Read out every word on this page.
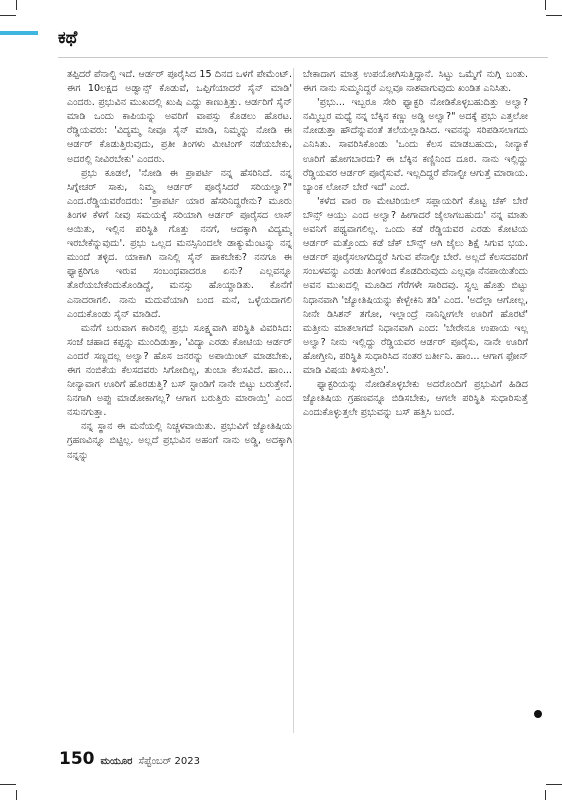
ಕಥೆ

ತಪ್ಪಿದರೆ ಪೆನಾಲ್ಟಿ ಇದೆ. ಆರ್ಡರ್ ಪೂರೈಸಿದ 15 ದಿನದ ಒಳಗೆ ಪೇಮೆಂಟ್. ಈಗ 10ಲಕ್ಷದ ಅಡ್ವಾನ್ಸ್ ಕೊಡುವೆ, ಒಪ್ಪಿಗೆಯಾದರೆ ಸೈನ್ ಮಾಡಿ' ಎಂದರು. ಪ್ರಭುವಿನ ಮುಖದಲ್ಲಿ ಖುಷಿ ಎದ್ದು ಕಾಣುತ್ತಿತ್ತು. ಆರ್ಡರಿಗೆ ಸೈನ್ ಮಾಡಿ ಒಂದು ಕಾಪಿಯನ್ನು ಅವರಿಗೆ ವಾಪಸ್ಸು ಕೊಡಲು ಹೊರಟ. ರೆಡ್ಡಿಯವರು: 'ವಿದ್ಯಮ್ಮ ನೀವೂ ಸೈನ್ ಮಾಡಿ, ನಿಮ್ಮನ್ನು ನೋಡಿ ಈ ಆರ್ಡರ್ ಕೊಡುತ್ತಿರುವುದು, ಪ್ರತೀ ತಿಂಗಳು ಮೀಟಿಂಗ್ ನಡೆಯಬೇಕು, ಅದರಲ್ಲಿ ನೀವಿರಬೇಕು' ಎಂದರು.

ಪ್ರಭು ಕೂಡಲೆ, 'ನೋಡಿ ಈ ಪ್ರಾಪರ್ಟಿ ನನ್ನ ಹೆಸರಿನಿದೆ. ನನ್ನ ಸಿಗ್ನೇಚರ್ ಸಾಕು, ನಿಮ್ಮ ಆರ್ಡರ್ ಪೂರೈಸಿದರೆ ಸರಿಯಲ್ವಾ?" ಎಂದ.ರೆಡ್ಡಿಯವರೆಂದರು: 'ಪ್ರಾಪರ್ಟಿ ಯಾರ ಹೆಸರಿನಿದ್ದರೇನು? ಮೂರು ತಿಂಗಳ ಕೆಳಗೆ ನೀವು ಸಮಯಕ್ಕೆ ಸರಿಯಾಗಿ ಆರ್ಡರ್ ಪೂರೈಸದ ಲಾಸ್ ಆಯಿತು, ಇಲ್ಲಿನ ಪರಿಸ್ಥಿತಿ ಗೊತ್ತು ನನಗೆ, ಆದಕ್ಕಾಗಿ ವಿದ್ಯಮ್ಮ ಇರಬೇಕೆನ್ನುವುದು'. ಪ್ರಭು ಒಲ್ಲದ ಮನಸ್ಸಿನಿಂದಲೇ ಡಾಕ್ಯುಮೆಂಟನ್ನು ನನ್ನ ಮುಂದೆ ತಳ್ಳಿದ. ಯಾಕಾಗಿ ನಾನಿಲ್ಲಿ ಸೈನ್ ಹಾಕಬೇಕು? ನನಗೂ ಈ ಫ್ಯಾಕ್ಟರಿಗೂ ಇರುವ ಸಂಬಂಧವಾದರೂ ಏನು? ಎಲ್ಲವನ್ನೂ ತೊರೆಯಬೇಕೆಂದುಕೊಂಡಿದ್ದೆ, ಮನಸ್ಸು ಹೊಯ್ದಾಡಿತು. ಕೊನೆಗೆ ಎನಾದರಾಗಲಿ. ನಾನು ಮದುವೆಯಾಗಿ ಬಂದ ಮನೆ, ಒಳ್ಳೆಯದಾಗಲಿ ಎಂದುಕೊಂಡು ಸೈನ್ ಮಾಡಿದೆ.

ಮನೆಗೆ ಬರುವಾಗ ಕಾರಿನಲ್ಲಿ ಪ್ರಭು ಸೂಕ್ಷ್ಮವಾಗಿ ಪರಿಸ್ಥಿತಿ ವಿವರಿಸಿದ: ಸಂಜೆ ಚಹಾದ ಕಪ್ಪನ್ನು ಮುಂದಿಡುತ್ತಾ, 'ವಿದ್ಯಾ ಎರಡು ಕೋಟಿಯ ಆರ್ಡರ್ ಎಂದರೆ ಸಣ್ಣದಲ್ಲ ಅಲ್ವಾ? ಹೊಸ ಜನರನ್ನು ಅಪಾಯಿಂಟ್ ಮಾಡಬೇಕು, ಈಗ ನಂಬಿಕೆಯ ಕೆಲಸದವರು ಸಿಗೋದಿಲ್ಲ, ತುಂಬಾ ಕೆಲಸವಿದೆ. ಹಾಂ... ನೀನ್ಯಾವಾಗ ಊರಿಗೆ ಹೊರಡುತ್ತಿ? ಬಸ್ ಸ್ಟಾಂಡಿಗೆ ನಾನೇ ಬಿಟ್ಟು ಬರುತ್ತೇನೆ. ನಿನಗಾಗಿ ಅಪ್ಪು ಮಾಡೋಕಾಗಲ್ಲ? ಆಗಾಗ ಬರುತ್ತಿರು ಮಾರಾಯ್ತಿ' ಎಂದ ನಸುನಗುತ್ತಾ.

ನನ್ನ ಸ್ಥಾನ ಈ ಮನೆಯಲ್ಲಿ ನಿಚ್ಚಳವಾಯಿತು. ಪ್ರಭುವಿಗೆ ಜ್ಯೋತಿಷಿಯ ಗ್ರಹಣವಿನ್ನೂ ಬಿಟ್ಟಿಲ್ಲ. ಅಲ್ಲದೆ ಪ್ರಭುವಿನ ಅಹಂಗೆ ನಾನು ಅಡ್ಡಿ, ಅದಕ್ಕಾಗಿ ನನ್ನನ್ನು

ಬೇಕಾದಾಗ ಮಾತ್ರ ಉಪಯೋಗಿಸುತ್ತಿದ್ದಾನೆ. ಸಿಟ್ಟು ಒಮ್ಮೆಗೆ ನುಗ್ಗಿ ಬಂತು. ಈಗ ನಾನು ಸುಮ್ಮನಿದ್ದರೆ ಎಲ್ಲವೂ ನಾಶವಾಗುವುದು ಖಂಡಿತ ಎನಿಸಿತು.

'ಪ್ರಭು... ಇಬ್ಬರೂ ಸೇರಿ ಫ್ಯಾಕ್ಟರಿ ನೋಡಿಕೊಳ್ಳಬಹುದಿತ್ತು ಅಲ್ವಾ? ನಮ್ಮಿಬ್ಬರ ಮಧ್ಯೆ ನನ್ನ ಬೆಕ್ಕಿನ ಕಣ್ಣು ಅಡ್ಡಿ ಅಲ್ವಾ?" ಅದಕ್ಕೆ ಪ್ರಭು ಎತ್ತಲೋ ನೋಡುತ್ತಾ ಹೌದೆನ್ನುವಂತೆ ತಲೆಯಲ್ಲಾಡಿಸಿದ. ಇವನನ್ನು ಸರಿಪಡಿಸಲಾಗದು ಎನಿಸಿತು. ಸಾವರಿಸಿಕೊಂಡು 'ಒಂದು ಕೆಲಸ ಮಾಡಬಹುದು, ನೀನ್ಯಾಕೆ ಊರಿಗೆ ಹೋಗಬಾರದು? ಈ ಬೆಕ್ಕಿನ ಕಣ್ಣಿನಿಂದ ದೂರ. ನಾನು ಇಲ್ಲಿದ್ದು ರೆಡ್ಡಿಯವರ ಆರ್ಡರ್ ಪೂರೈಸುವೆ. ಇಲ್ಲದಿದ್ದರೆ ಪೆನಾಲ್ಟೀ ಆಗುತ್ತೆ ಮಾರಾಯ. ಬ್ಯಾಂಕ ಲೋನ್ ಬೇರೆ ಇದೆ' ಎಂದೆ.

'ಕಳೆದ ವಾರ ರಾ ಮೇಟಿರಿಯಲ್ ಸಪ್ಲಾಯರಿಗೆ ಕೊಟ್ಟ ಚೆಕ್ ಬೇರೆ ಬೌನ್ಸ್ ಆಯ್ತು ಎಂದ ಅಲ್ವಾ? ಹೀಗಾದರೆ ಜೈಲಾಗಬಹುದು' ನನ್ನ ಮಾತು ಅವನಿಗೆ ಪಥ್ಯವಾಗಲಿಲ್ಲ. ಒಂದು ಕಡೆ ರೆಡ್ಡಿಯವರ ಎರಡು ಕೋಟಿಯ ಆರ್ಡರ್ ಮತ್ತೊಂದು ಕಡೆ ಚೆಕ್ ಬೌನ್ಸ್ ಆಗಿ ಜೈಲು ಶಿಕ್ಷೆ ಸಿಗುವ ಭಯ. ಆರ್ಡರ್ ಪೂರೈಸಲಾಗದಿದ್ದರೆ ಸಿಗುವ ಪೆನಾಲ್ಟೀ ಬೇರೆ. ಅಲ್ಲದೆ ಕೆಲಸದವರಿಗೆ ಸಂಬಳವನ್ನು ಎರಡು ತಿಂಗಳಿಂದ ಕೊಡದಿರುವುದು ಎಲ್ಲವೂ ನೆನಪಾಯಿತೆಂದು ಅವನ ಮುಖದಲ್ಲಿ ಮೂಡಿದ ಗೆರೆಗಳೇ ಸಾರಿದವು. ಸ್ವಲ್ಪ ಹೊತ್ತು ಬಿಟ್ಟು ನಿಧಾನವಾಗಿ 'ಜ್ಯೋತಿಷಿಯನ್ನು ಕೇಳ್ಬೇಕಿನಿ ತಡಿ' ಎಂದ. 'ಅದೆಲ್ಲಾ ಆಗೋಲ್ಲ, ನೀನೇ ಡಿಸಿಶನ್ ತಗೋ, ಇಲ್ಲಾಂದ್ರೆ ನಾನಿನ್ನೀಗಲೇ ಊರಿಗೆ ಹೊರಟೆ' ಮತ್ತೀನು ಮಾತಲಾಗದೆ ನಿಧಾನವಾಗಿ ಎಂದ: 'ಬೇರೇನೂ ಉಪಾಯ ಇಲ್ಲ ಅಲ್ವಾ? ನೀನು ಇಲ್ಲಿದ್ದು ರೆಡ್ಡಿಯವರ ಆರ್ಡರ್ ಪೂರೈಸು, ನಾನೇ ಊರಿಗೆ ಹೋಗ್ತೀನಿ, ಪರಿಸ್ಥಿತಿ ಸುಧಾರಿಸಿದ ನಂತರ ಬರ್ತೀನಿ. ಹಾಂ... ಆಗಾಗ ಫೋನ್ ಮಾಡಿ ವಿಷಯ ತಿಳಿಸುತ್ತಿರು'.

ಫ್ಯಾಕ್ಟರಿಯನ್ನು ನೋಡಿಕೊಳ್ಳಬೇಕು ಅದರೊಂದಿಗೆ ಪ್ರಭುವಿಗೆ ಹಿಡಿದ ಜ್ಯೋತಿಷಿಯ ಗ್ರಹಣವನ್ನೂ ಬಿಡಿಸಬೇಕು, ಆಗಲೇ ಪರಿಸ್ಥಿತಿ ಸುಧಾರಿಸುತ್ತೆ ಎಂದುಕೊಳ್ಳುತ್ತಲೇ ಪ್ರಭುವನ್ನು ಬಸ್ ಹತ್ತಿಸಿ ಬಂದೆ.

150 ಮಯೂರ ಸೆಪ್ಟೆಂಬರ್ 2023
